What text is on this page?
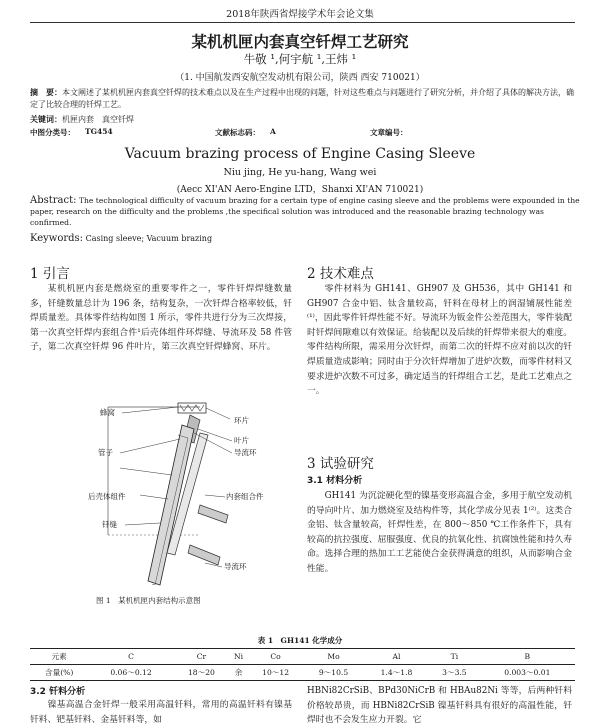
2018年陕西省焊接学术年会论文集
某机机匣内套真空钎焊工艺研究
牛敬 ¹,何宇航 ¹,王炜 ¹
（1. 中国航发西安航空发动机有限公司，陕西 西安 710021）
摘　要：本文阐述了某机机匣内套真空钎焊的技术难点以及在生产过程中出现的问题，针对这些难点与问题进行了研究分析，并介绍了具体的解决方法，确定了比较合理的钎焊工艺。
关键词：机匣内套　真空钎焊
中图分类号： TG454	文献标志码： A	文章编号：
Vacuum brazing process of Engine Casing Sleeve
Niu jing, He yu-hang, Wang wei
(Aecc XI'AN Aero-Engine LTD，Shanxi XI'AN 710021)
Abstract: The technological difficulty of vacuum brazing for a certain type of engine casing sleeve and the problems were expounded in the paper, research on the difficulty and the problems ,the specifical solution was introduced and the reasonable brazing technology was confirmed.
Keywords: Casing sleeve; Vacuum brazing
1 引言
某机机匣内套是燃烧室的重要零件之一，零件钎焊焊缝数量多，钎缝数量总计为 196 条，结构复杂，一次钎焊合格率较低，钎焊质量差。具体零件结构如图 1 所示，零件共进行分为三次焊接，第一次真空钎焊内套组合件¹后壳体组件环焊缝、导流环及 58 件管子，第二次真空钎焊 96 件叶片，第三次真空钎焊蜂窝、环片。
蜂窝
环片
叶片
导流环
管子
后壳体组件	内套组合件
钎缝
导流环
图 1　某机机匣内套结构示意图
2 技术难点
零件材料为 GH141、GH907 及 GH536，其中 GH141 和 GH907 合金中铝、钛含量较高，钎料在母材上的润湿铺展性能差⁽¹⁾，因此零件钎焊性能不好。导流环为钣金件公差范围大，零件装配时钎焊间隙难以有效保证。给装配以及后续的钎焊带来很大的难度。零件结构所限，需采用分次钎焊，而第二次的钎焊不应对前以次的钎焊质量造成影响；同时由于分次钎焊增加了进炉次数，而零件材料又要求进炉次数不可过多，确定适当的钎焊组合工艺，是此工艺难点之一。
3 试验研究
3.1 材料分析
GH141 为沉淀硬化型的镍基变形高温合金，多用于航空发动机的导向叶片、加力燃烧室及结构件等，其化学成分见表 1⁽²⁾。这类合金铝、钛含量较高，钎焊性差，在 800～850 ℃工作条件下，具有较高的抗拉强度、屈服强度、优良的抗氧化性、抗腐蚀性能和持久寿命。选择合理的热加工工艺能使合金获得满意的组织，从而影响合金性能。
表 1　GH141 化学成分
元素	C	Cr	Ni	Co	Mo	Al	Ti	B
含量(%)	0.06～0.12	18～20	余	10～12	9～10.5	1.4～1.8	3～3.5	0.003～0.01
3.2 钎料分析
镍基高温合金钎焊一般采用高温钎料，常用的高温钎料有镍基钎料、钯基钎料、金基钎料等，如
HBNi82CrSiB、BPd30NiCrB 和 HBAu82Ni 等等，后两种钎料价格较昂贵，而 HBNi82CrSiB 镍基钎料具有很好的高温性能，钎焊时也不会发生应力开裂。它
